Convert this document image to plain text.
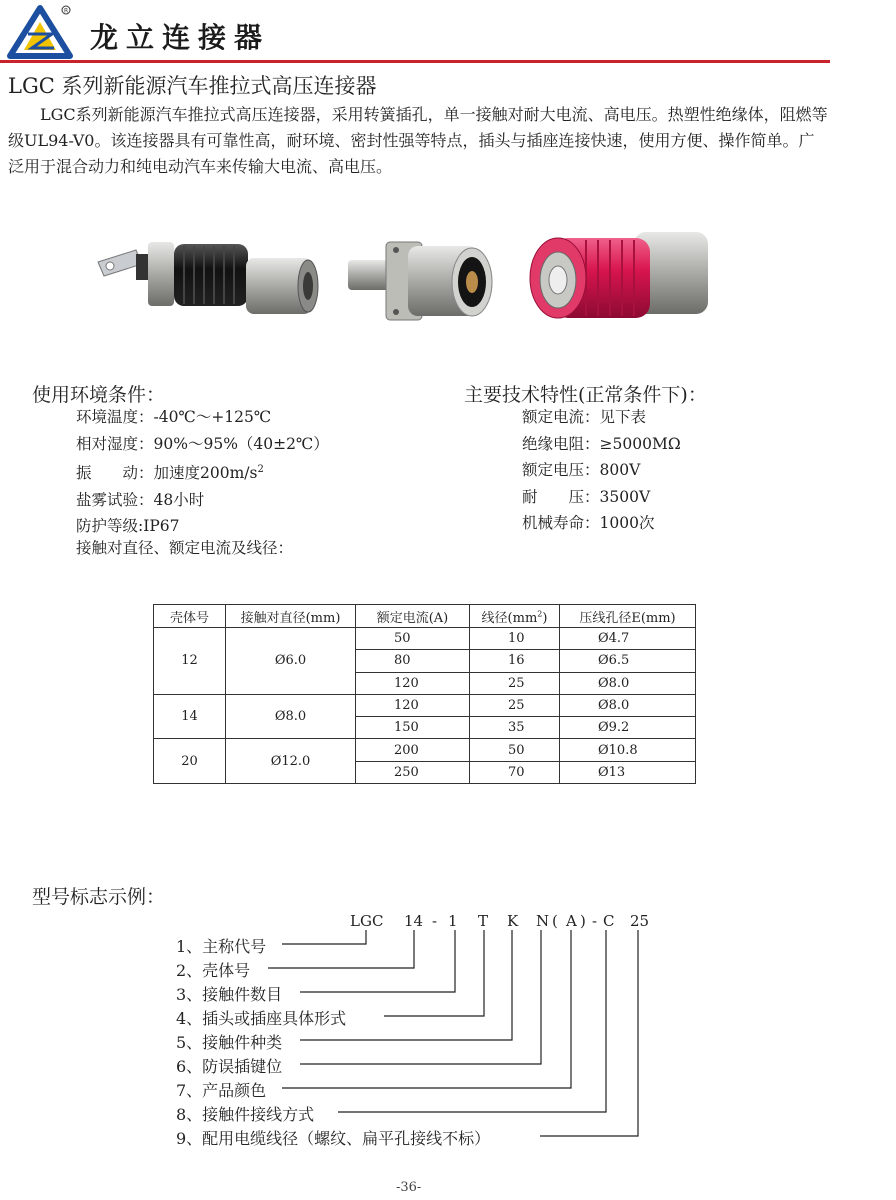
R
龙立连接器
LGC 系列新能源汽车推拉式高压连接器

LGC系列新能源汽车推拉式高压连接器，采用转簧插孔，单一接触对耐大电流、高电压。热塑性绝缘体，阻燃等级UL94-V0。该连接器具有可靠性高，耐环境、密封性强等特点，插头与插座连接快速，使用方便、操作简单。广泛用于混合动力和纯电动汽车来传输大电流、高电压。

使用环境条件：
环境温度：-40℃～+125℃
相对湿度：90%～95%（40±2℃）
振　　动：加速度$200m/s^2$
盐雾试验：48小时
防护等级:IP67
接触对直径、额定电流及线径：
主要技术特性(正常条件下)：
额定电流：见下表
绝缘电阻：≥5000MΩ
额定电压：800V
耐　　压：3500V
机械寿命：1000次
壳体号	接触对直径(mm)	额定电流(A)	线径$(mm^2)$	压线孔径E(mm)
12	Ø6.0	50	10	Ø4.7
		80	16	Ø6.5
		120	25	Ø8.0
14	Ø8.0	120	25	Ø8.0
		150	35	Ø9.2
20	Ø12.0	200	50	Ø10.8
		250	70	Ø13
型号标志示例：
LGC 14 - 1 T K N ( A ) - C 25
1、主称代号
2、壳体号
3、接触件数目
4、插头或插座具体形式
5、接触件种类
6、防误插键位
7、产品颜色
8、接触件接线方式
9、配用电缆线径（螺纹、扁平孔接线不标）
-36-
